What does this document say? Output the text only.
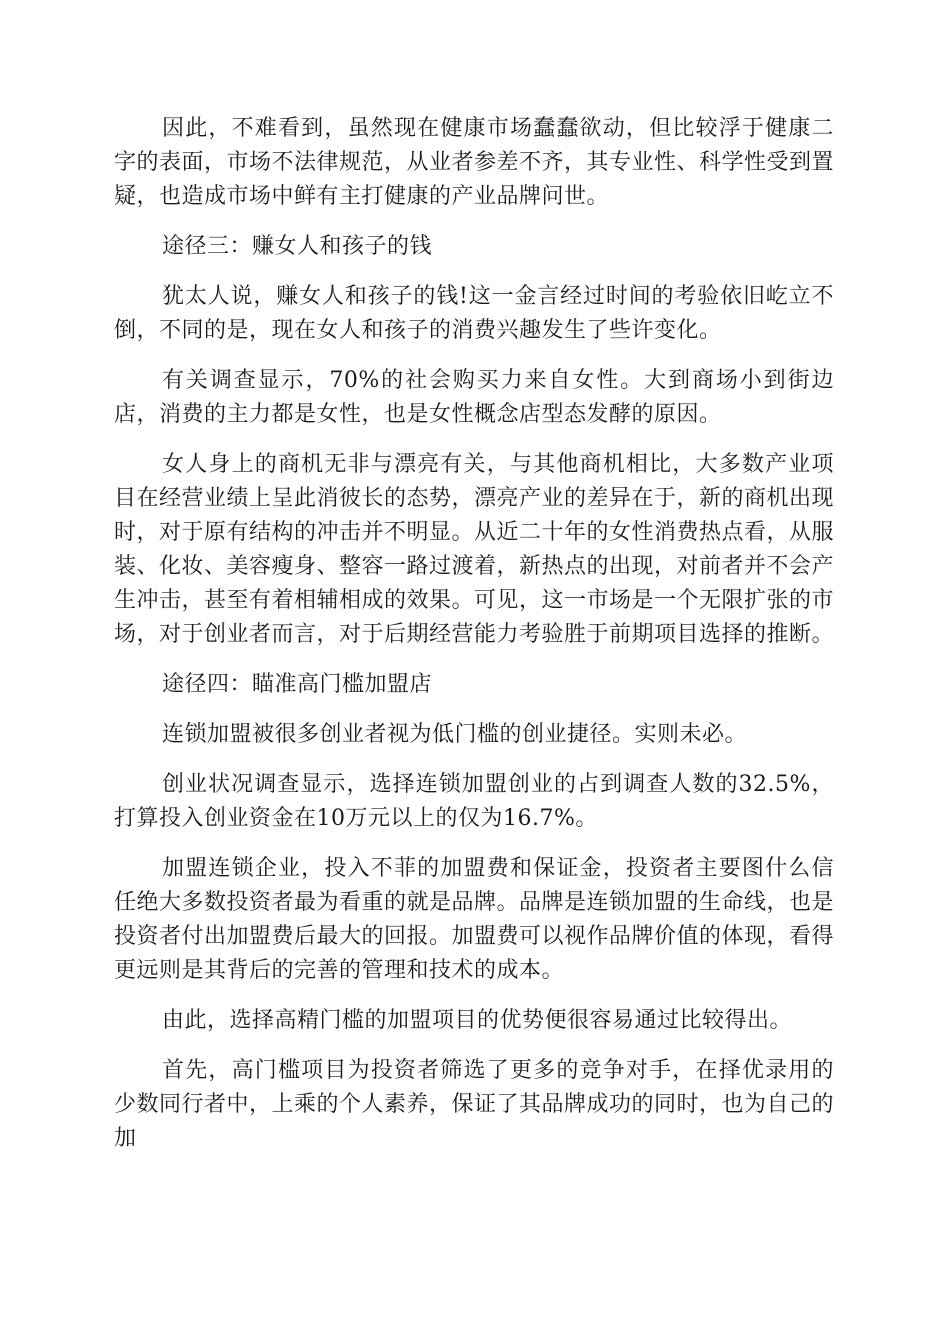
因此，不难看到，虽然现在健康市场蠢蠢欲动，但比较浮于健康二字的表面，市场不法律规范，从业者参差不齐，其专业性、科学性受到置疑，也造成市场中鲜有主打健康的产业品牌问世。

途径三：赚女人和孩子的钱

犹太人说，赚女人和孩子的钱!这一金言经过时间的考验依旧屹立不倒，不同的是，现在女人和孩子的消费兴趣发生了些许变化。

有关调查显示，70%的社会购买力来自女性。大到商场小到街边店，消费的主力都是女性，也是女性概念店型态发酵的原因。

女人身上的商机无非与漂亮有关，与其他商机相比，大多数产业项目在经营业绩上呈此消彼长的态势，漂亮产业的差异在于，新的商机出现时，对于原有结构的冲击并不明显。从近二十年的女性消费热点看，从服装、化妆、美容瘦身、整容一路过渡着，新热点的出现，对前者并不会产生冲击，甚至有着相辅相成的效果。可见，这一市场是一个无限扩张的市场，对于创业者而言，对于后期经营能力考验胜于前期项目选择的推断。

途径四：瞄准高门槛加盟店

连锁加盟被很多创业者视为低门槛的创业捷径。实则未必。

创业状况调查显示，选择连锁加盟创业的占到调查人数的32.5%，打算投入创业资金在10万元以上的仅为16.7%。

加盟连锁企业，投入不菲的加盟费和保证金，投资者主要图什么信任绝大多数投资者最为看重的就是品牌。品牌是连锁加盟的生命线，也是投资者付出加盟费后最大的回报。加盟费可以视作品牌价值的体现，看得更远则是其背后的完善的管理和技术的成本。

由此，选择高精门槛的加盟项目的优势便很容易通过比较得出。

首先，高门槛项目为投资者筛选了更多的竞争对手，在择优录用的少数同行者中，上乘的个人素养，保证了其品牌成功的同时，也为自己的加
